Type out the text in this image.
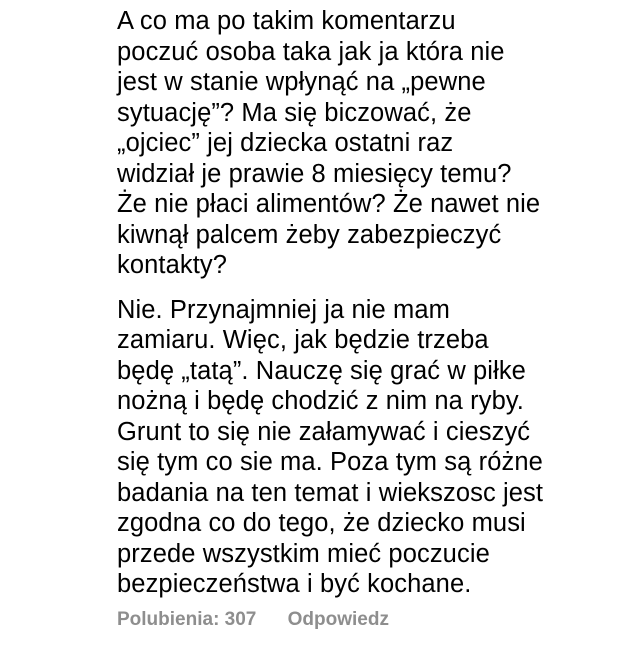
A co ma po takim komentarzu
poczuć osoba taka jak ja która nie
jest w stanie wpłynąć na „pewne
sytuację”? Ma się biczować, że
„ojciec” jej dziecka ostatni raz
widział je prawie 8 miesięcy temu?
Że nie płaci alimentów? Że nawet nie
kiwnął palcem żeby zabezpieczyć
kontakty?

Nie. Przynajmniej ja nie mam
zamiaru. Więc, jak będzie trzeba
będę „tatą”. Nauczę się grać w piłke
nożną i będę chodzić z nim na ryby.
Grunt to się nie załamywać i cieszyć
się tym co sie ma. Poza tym są różne
badania na ten temat i wiekszosc jest
zgodna co do tego, że dziecko musi
przede wszystkim mieć poczucie
bezpieczeństwa i być kochane.

Polubienia: 307 Odpowiedz
